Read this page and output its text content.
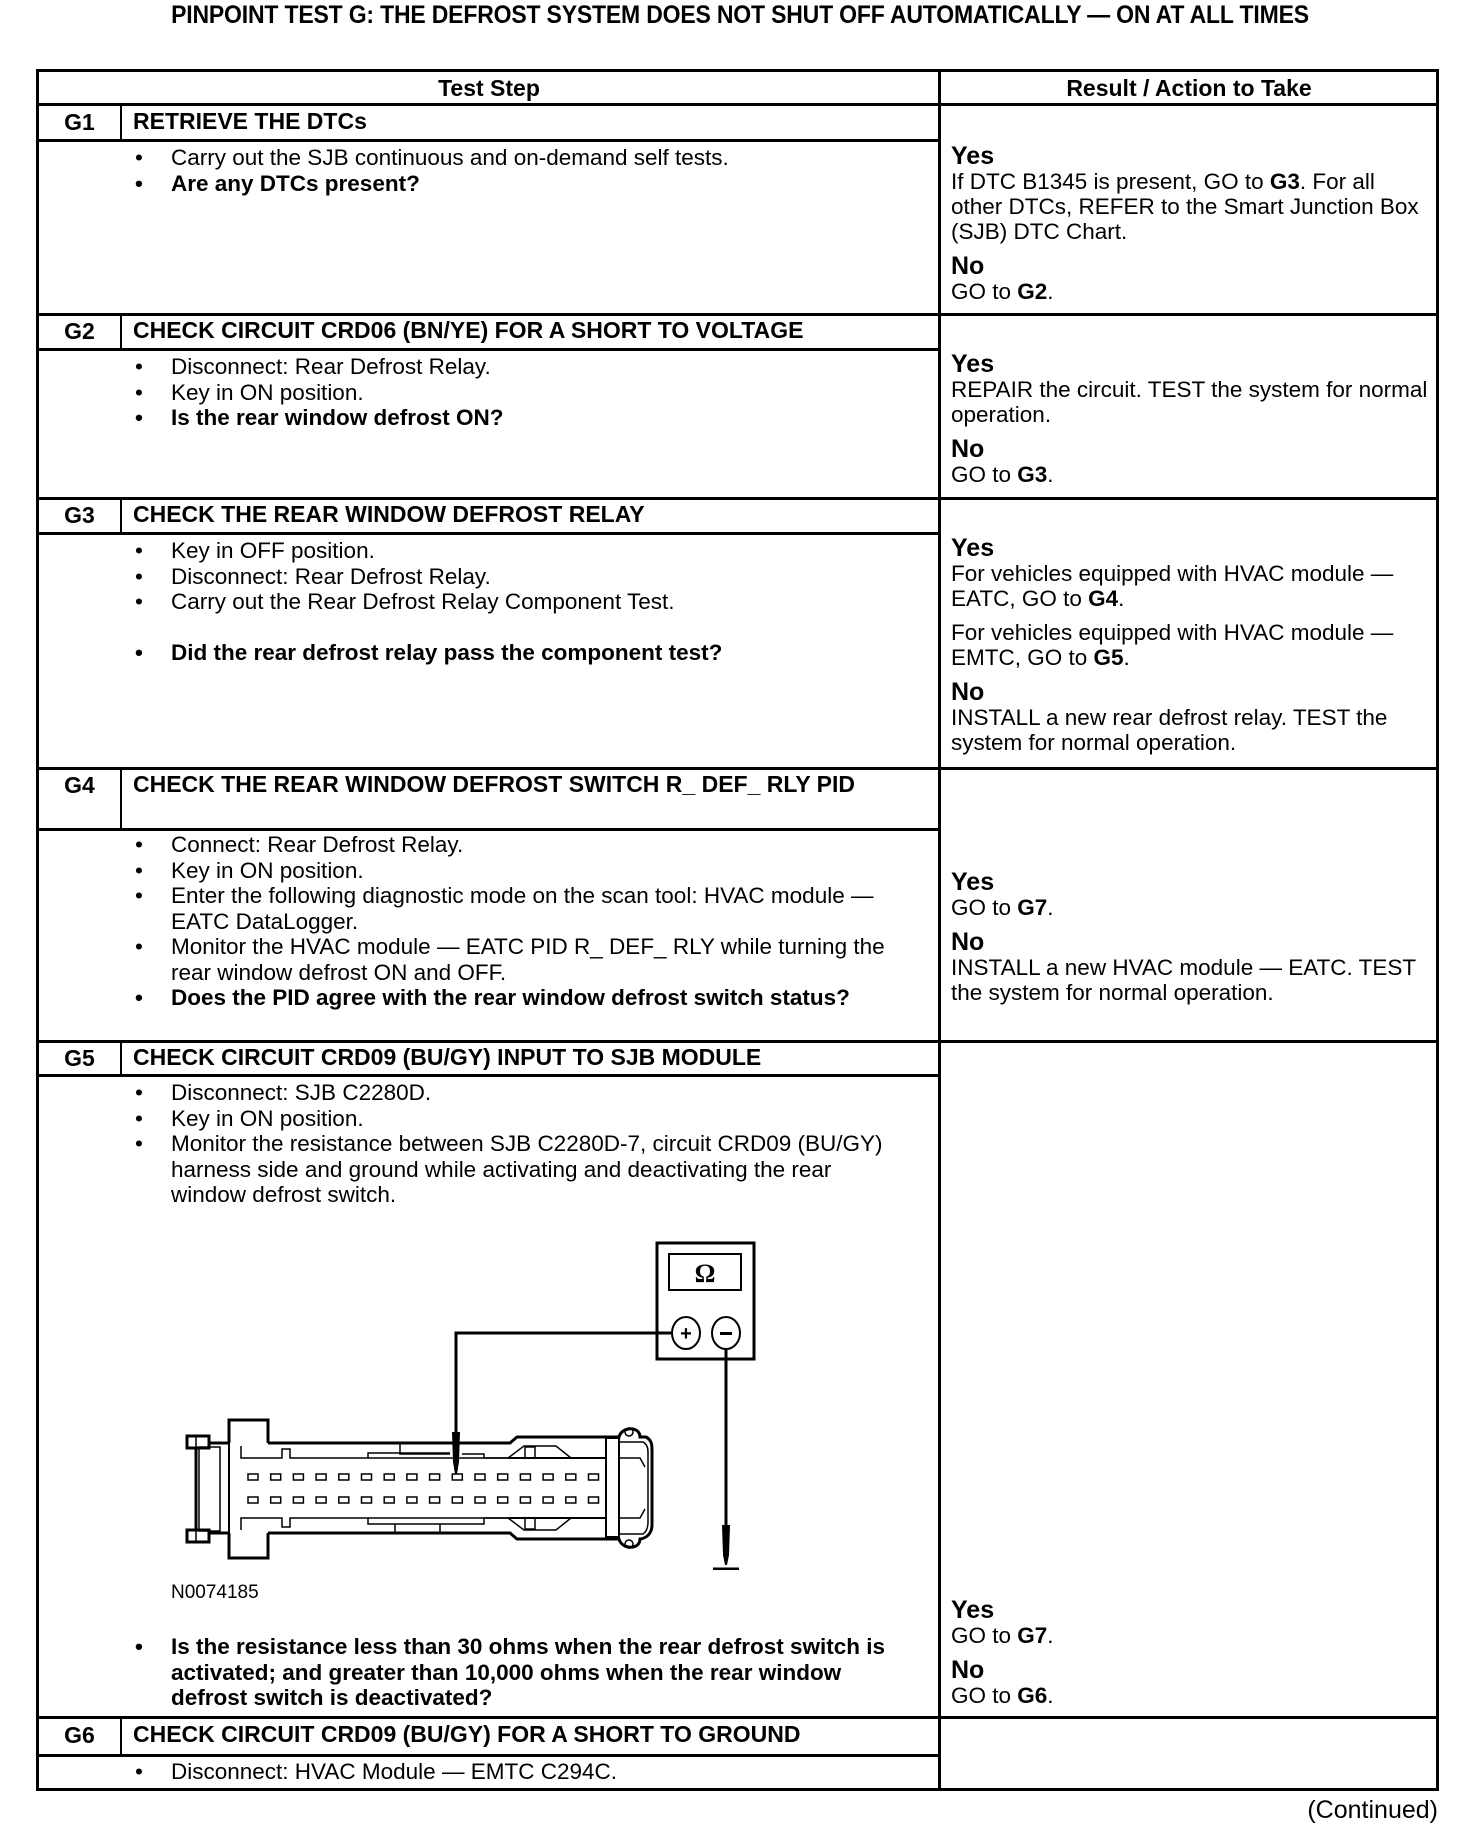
PINPOINT TEST G: THE DEFROST SYSTEM DOES NOT SHUT OFF AUTOMATICALLY — ON AT ALL TIMES
Test Step	Result / Action to Take
G1	RETRIEVE THE DTCs
• Carry out the SJB continuous and on-demand self tests.
• Are any DTCs present?
Yes
If DTC B1345 is present, GO to G3. For all other DTCs, REFER to the Smart Junction Box (SJB) DTC Chart.
No
GO to G2.
G2	CHECK CIRCUIT CRD06 (BN/YE) FOR A SHORT TO VOLTAGE
• Disconnect: Rear Defrost Relay.
• Key in ON position.
• Is the rear window defrost ON?
Yes
REPAIR the circuit. TEST the system for normal operation.
No
GO to G3.
G3	CHECK THE REAR WINDOW DEFROST RELAY
• Key in OFF position.
• Disconnect: Rear Defrost Relay.
• Carry out the Rear Defrost Relay Component Test.
• Did the rear defrost relay pass the component test?
Yes
For vehicles equipped with HVAC module — EATC, GO to G4.
For vehicles equipped with HVAC module — EMTC, GO to G5.
No
INSTALL a new rear defrost relay. TEST the system for normal operation.
G4	CHECK THE REAR WINDOW DEFROST SWITCH R_ DEF_ RLY PID
• Connect: Rear Defrost Relay.
• Key in ON position.
• Enter the following diagnostic mode on the scan tool: HVAC module — EATC DataLogger.
• Monitor the HVAC module — EATC PID R_ DEF_ RLY while turning the rear window defrost ON and OFF.
• Does the PID agree with the rear window defrost switch status?
Yes
GO to G7.
No
INSTALL a new HVAC module — EATC. TEST the system for normal operation.
G5	CHECK CIRCUIT CRD09 (BU/GY) INPUT TO SJB MODULE
• Disconnect: SJB C2280D.
• Key in ON position.
• Monitor the resistance between SJB C2280D-7, circuit CRD09 (BU/GY) harness side and ground while activating and deactivating the rear window defrost switch.
Ω
+
N0074185
• Is the resistance less than 30 ohms when the rear defrost switch is activated; and greater than 10,000 ohms when the rear window defrost switch is deactivated?
Yes
GO to G7.
No
GO to G6.
G6	CHECK CIRCUIT CRD09 (BU/GY) FOR A SHORT TO GROUND
• Disconnect: HVAC Module — EMTC C294C.
(Continued)
